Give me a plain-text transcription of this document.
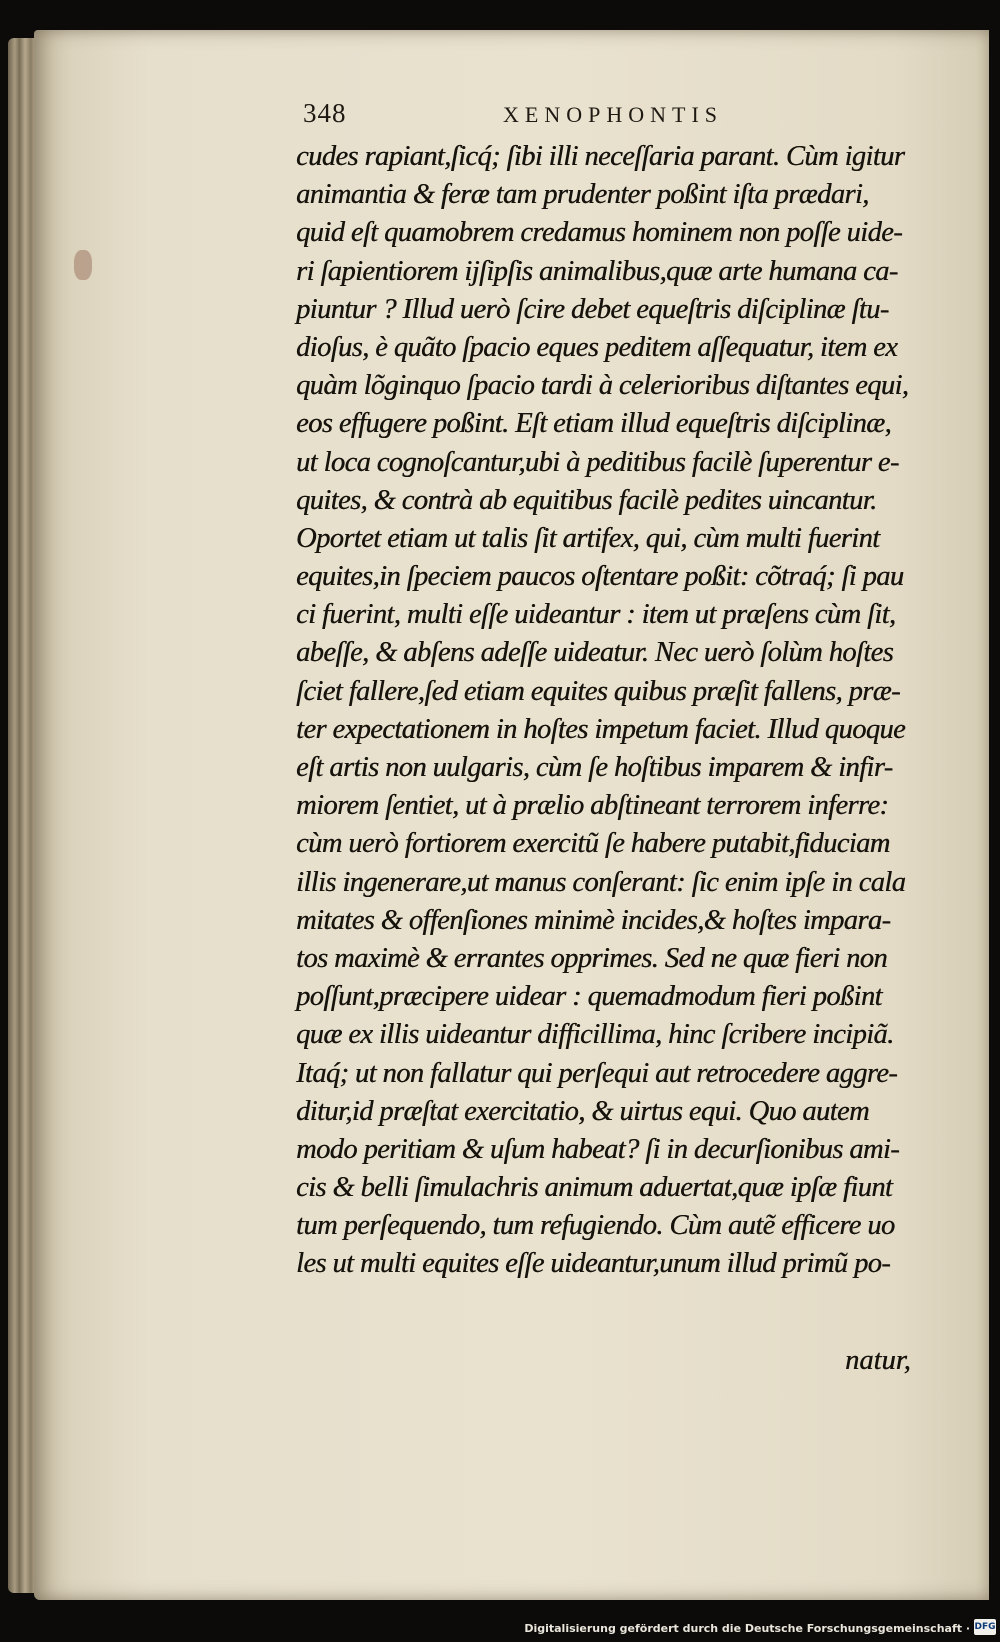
348	XENOPHONTIS
cudes rapiant,ſicq́; ſibi illi neceſſaria parant. Cùm igitur
animantia & feræ tam prudenter poßint iſta prædari,
quid eſt quamobrem credamus hominem non poſſe uide-
ri ſapientiorem ijſipſis animalibus,quæ arte humana ca-
piuntur ? Illud uerò ſcire debet equeſtris diſciplinæ ſtu-
dioſus, è quãto ſpacio eques peditem aſſequatur, item ex
quàm lõginquo ſpacio tardi à celerioribus diſtantes equi,
eos effugere poßint. Eſt etiam illud equeſtris diſciplinæ,
ut loca cognoſcantur,ubi à peditibus facilè ſuperentur e-
quites, & contrà ab equitibus facilè pedites uincantur.
Oportet etiam ut talis ſit artifex, qui, cùm multi fuerint
equites,in ſpeciem paucos oſtentare poßit: cõtraq́; ſi pau
ci fuerint, multi eſſe uideantur : item ut præſens cùm ſit,
abeſſe, & abſens adeſſe uideatur. Nec uerò ſolùm hoſtes
ſciet fallere,ſed etiam equites quibus præſit fallens, præ-
ter expectationem in hoſtes impetum faciet. Illud quoque
eſt artis non uulgaris, cùm ſe hoſtibus imparem & infir-
miorem ſentiet, ut à prælio abſtineant terrorem inferre:
cùm uerò fortiorem exercitũ ſe habere putabit,fiduciam
illis ingenerare,ut manus conſerant: ſic enim ipſe in cala
mitates & offenſiones minimè incides,& hoſtes impara-
tos maximè & errantes opprimes. Sed ne quæ fieri non
poſſunt,præcipere uidear : quemadmodum fieri poßint
quæ ex illis uideantur difficillima, hinc ſcribere incipiã.
Itaq́; ut non fallatur qui perſequi aut retrocedere aggre-
ditur,id præſtat exercitatio, & uirtus equi. Quo autem
modo peritiam & uſum habeat? ſi in decurſionibus ami-
cis & belli ſimulachris animum aduertat,quæ ipſæ fiunt
tum perſequendo, tum refugiendo. Cùm autẽ efficere uo
les ut multi equites eſſe uideantur,unum illud primũ po-
natur,
Digitalisierung gefördert durch die Deutsche Forschungsgemeinschaft · DFG
